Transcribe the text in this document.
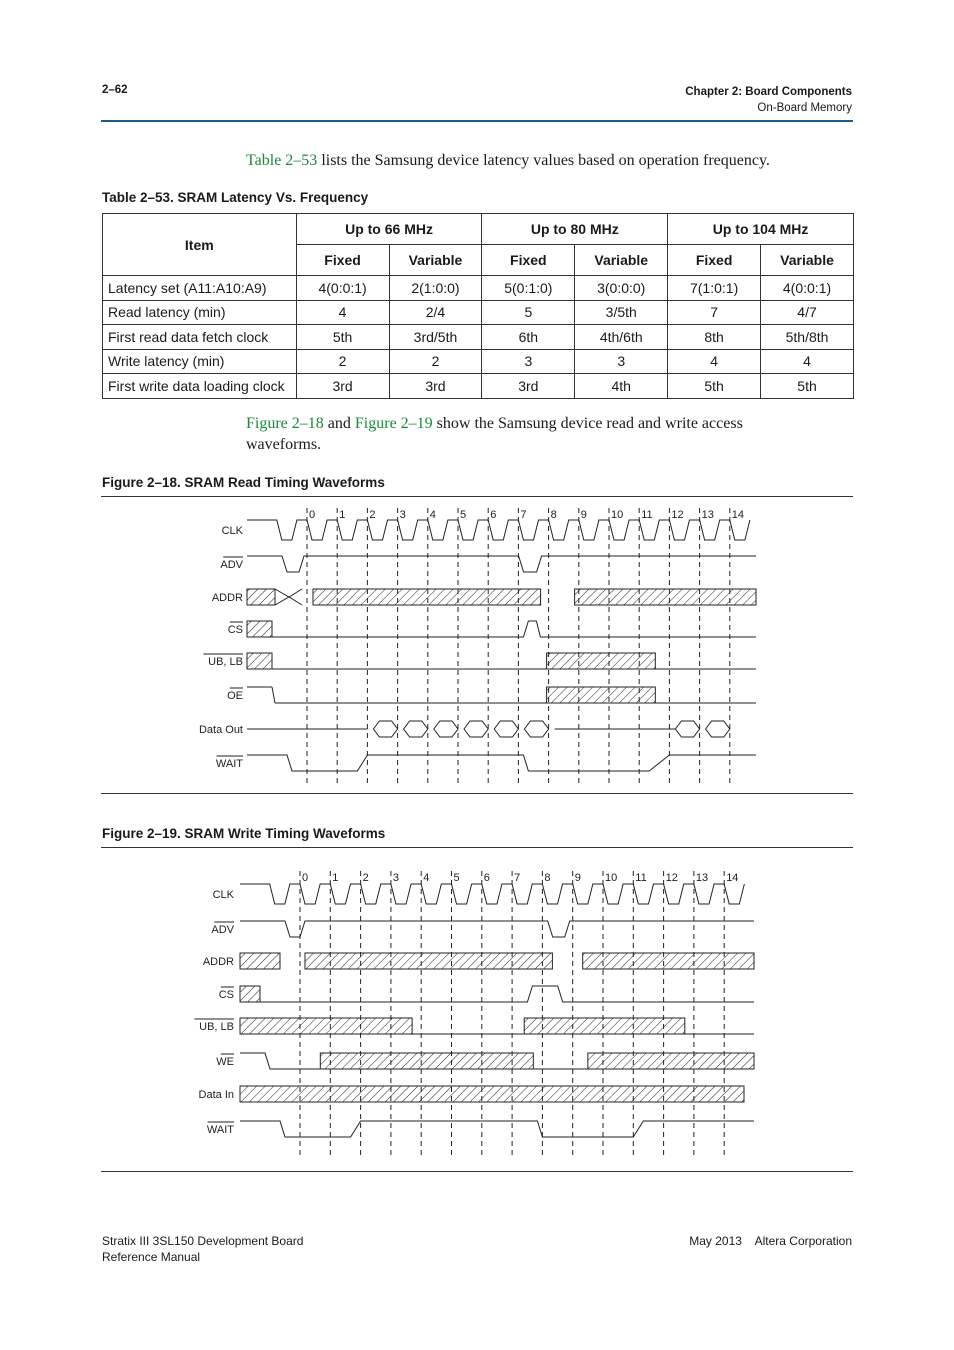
2–62	Chapter 2: Board Components
On-Board Memory
Table 2–53 lists the Samsung device latency values based on operation frequency.
Table 2–53. SRAM Latency Vs. Frequency
Item	Up to 66 MHz		Up to 80 MHz		Up to 104 MHz	
	Fixed	Variable	Fixed	Variable	Fixed	Variable
Latency set (A11:A10:A9)	4(0:0:1)	2(1:0:0)	5(0:1:0)	3(0:0:0)	7(1:0:1)	4(0:0:1)
Read latency (min)	4	2/4	5	3/5th	7	4/7
First read data fetch clock	5th	3rd/5th	6th	4th/6th	8th	5th/8th
Write latency (min)	2	2	3	3	4	4
First write data loading clock	3rd	3rd	3rd	4th	5th	5th
Figure 2–18 and Figure 2–19 show the Samsung device read and write access
waveforms.
Figure 2–18. SRAM Read Timing Waveforms
0 1 2 3 4 5 6 7 8 9 10 11 12 13 14
CLK
ADV
ADDR
CS
UB, LB
OE
Data Out
WAIT
Figure 2–19. SRAM Write Timing Waveforms
0 1 2 3 4 5 6 7 8 9 10 11 12 13 14
CLK
ADV
ADDR
CS
UB, LB
WE
Data In
WAIT
Stratix III 3SL150 Development Board
Reference Manual
May 2013    Altera Corporation
